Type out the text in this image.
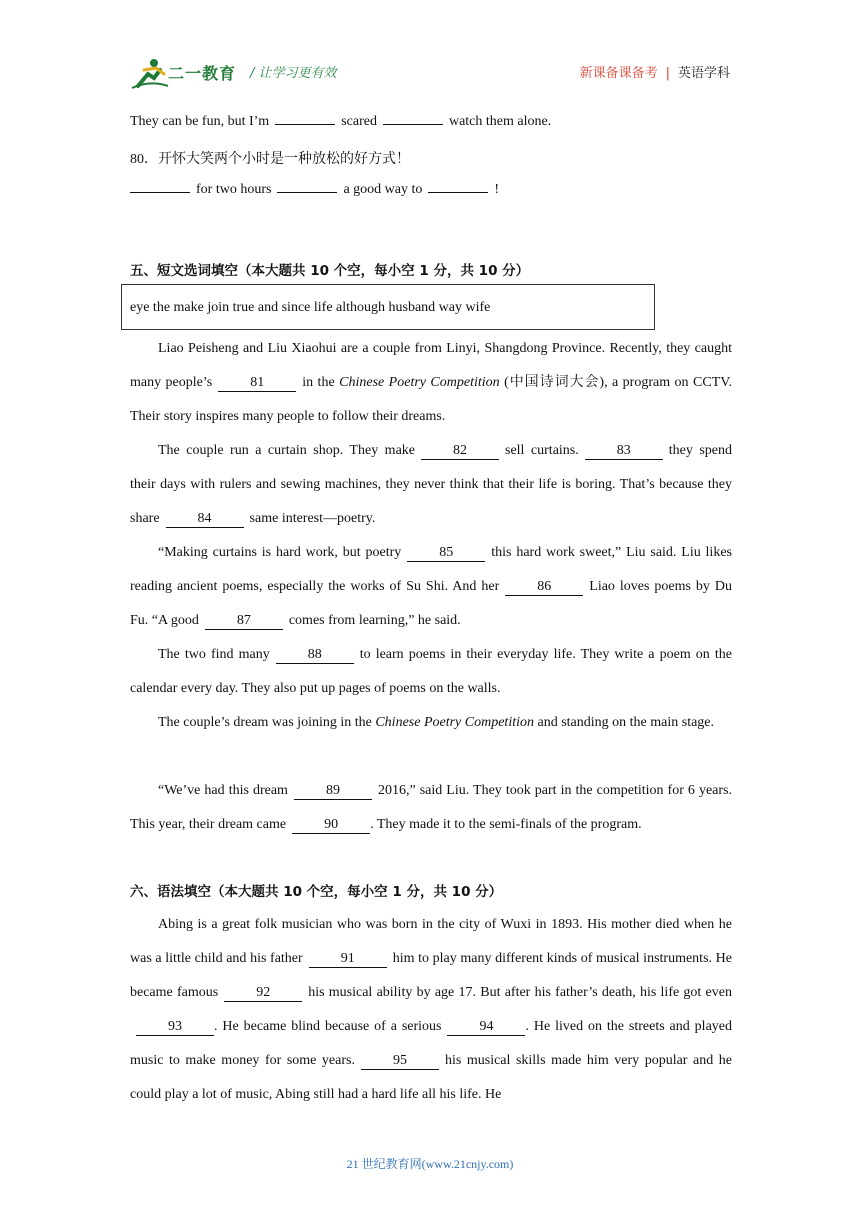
二一教育 / 让学习更有效	新课备课备考 | 英语学科
They can be fun, but I’m	scared	watch them alone.
80．开怀大笑两个小时是一种放松的好方式！
for two hours	a good way to	!
五、短文选词填空（本大题共 10 个空，每小空 1 分，共 10 分）
eye the make join true and since life although husband way wife
Liao Peisheng and Liu Xiaohui are a couple from Linyi, Shangdong Province. Recently, they caught many people’s	81	in the Chinese Poetry Competition (中国诗词大会), a program on CCTV. Their story inspires many people to follow their dreams.
The couple run a curtain shop. They make	82	sell curtains.	83	they spend their days with rulers and sewing machines, they never think that their life is boring. That’s because they share	84	same interest—poetry.
“Making curtains is hard work, but poetry	85	this hard work sweet,” Liu said. Liu likes reading ancient poems, especially the works of Su Shi. And her	86	Liao loves poems by Du Fu. “A good	87	comes from learning,” he said.
The two find many	88	to learn poems in their everyday life. They write a poem on the calendar every day. They also put up pages of poems on the walls.
The couple’s dream was joining in the Chinese Poetry Competition and standing on the main stage.
“We’ve had this dream	89	2016,” said Liu. They took part in the competition for 6 years. This year, their dream came	90 . They made it to the semi-finals of the program.
六、语法填空（本大题共 10 个空，每小空 1 分，共 10 分）
Abing is a great folk musician who was born in the city of Wuxi in 1893. His mother died when he was a little child and his father	91	him to play many different kinds of musical instruments. He became famous	92	his musical ability by age 17. But after his father’s death, his life got even93 . He became blind because of a serious	94 . He lived on the streets and played music to make money for some years.	95	his musical skills made him very popular and he could play a lot of music, Abing still had a hard life all his life. He
21 世纪教育网(www.21cnjy.com)
